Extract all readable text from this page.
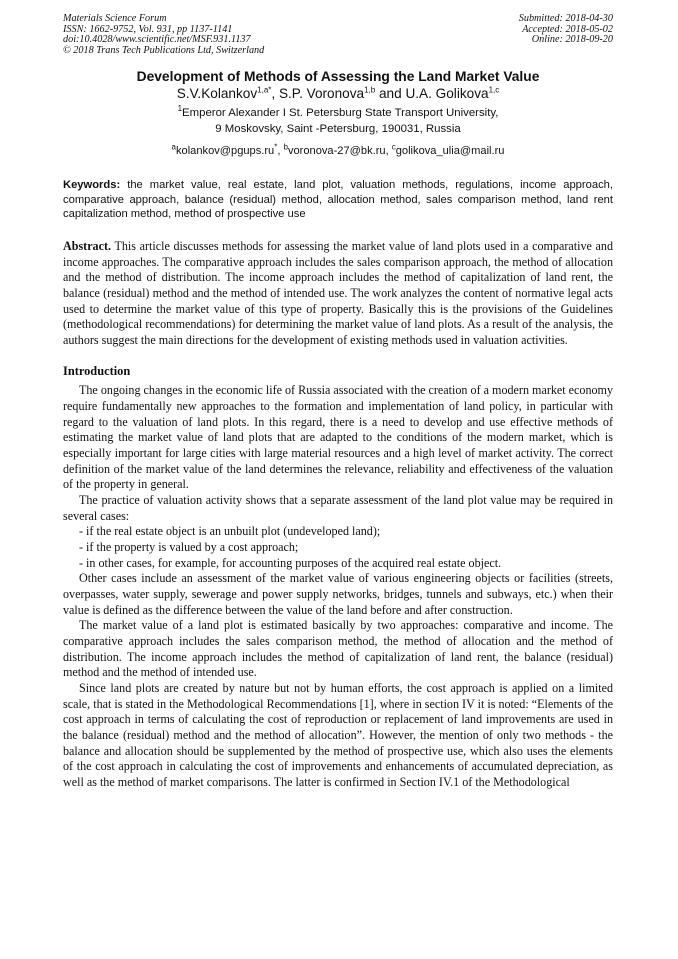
Materials Science Forum
ISSN: 1662-9752, Vol. 931, pp 1137-1141
doi:10.4028/www.scientific.net/MSF.931.1137
© 2018 Trans Tech Publications Ltd, Switzerland
Submitted: 2018-04-30
Accepted: 2018-05-02
Online: 2018-09-20
Development of Methods of Assessing the Land Market Value
S.V.Kolankov$^{1,a*}$, S.P. Voronova$^{1,b}$ and U.A. Golikova$^{1,c}$
$^1$Emperor Alexander I St. Petersburg State Transport University,
9 Moskovsky, Saint -Petersburg, 190031, Russia
$^a$kolankov@pgups.ru*, $^b$voronova-27@bk.ru, $^c$golikova_ulia@mail.ru
Keywords: the market value, real estate, land plot, valuation methods, regulations, income approach, comparative approach, balance (residual) method, allocation method, sales comparison method, land rent capitalization method, method of prospective use
Abstract. This article discusses methods for assessing the market value of land plots used in a comparative and income approaches. The comparative approach includes the sales comparison approach, the method of allocation and the method of distribution. The income approach includes the method of capitalization of land rent, the balance (residual) method and the method of intended use. The work analyzes the content of normative legal acts used to determine the market value of this type of property. Basically this is the provisions of the Guidelines (methodological recommendations) for determining the market value of land plots. As a result of the analysis, the authors suggest the main directions for the development of existing methods used in valuation activities.
Introduction

The ongoing changes in the economic life of Russia associated with the creation of a modern market economy require fundamentally new approaches to the formation and implementation of land policy, in particular with regard to the valuation of land plots. In this regard, there is a need to develop and use effective methods of estimating the market value of land plots that are adapted to the conditions of the modern market, which is especially important for large cities with large material resources and a high level of market activity. The correct definition of the market value of the land determines the relevance, reliability and effectiveness of the valuation of the property in general.

The practice of valuation activity shows that a separate assessment of the land plot value may be required in several cases:

- if the real estate object is an unbuilt plot (undeveloped land);

- if the property is valued by a cost approach;

- in other cases, for example, for accounting purposes of the acquired real estate object.

Other cases include an assessment of the market value of various engineering objects or facilities (streets, overpasses, water supply, sewerage and power supply networks, bridges, tunnels and subways, etc.) when their value is defined as the difference between the value of the land before and after construction.

The market value of a land plot is estimated basically by two approaches: comparative and income. The comparative approach includes the sales comparison method, the method of allocation and the method of distribution. The income approach includes the method of capitalization of land rent, the balance (residual) method and the method of intended use.

Since land plots are created by nature but not by human efforts, the cost approach is applied on a limited scale, that is stated in the Methodological Recommendations [1], where in section IV it is noted: “Elements of the cost approach in terms of calculating the cost of reproduction or replacement of land improvements are used in the balance (residual) method and the method of allocation”. However, the mention of only two methods - the balance and allocation should be supplemented by the method of prospective use, which also uses the elements of the cost approach in calculating the cost of improvements and enhancements of accumulated depreciation, as well as the method of market comparisons. The latter is confirmed in Section IV.1 of the Methodological
